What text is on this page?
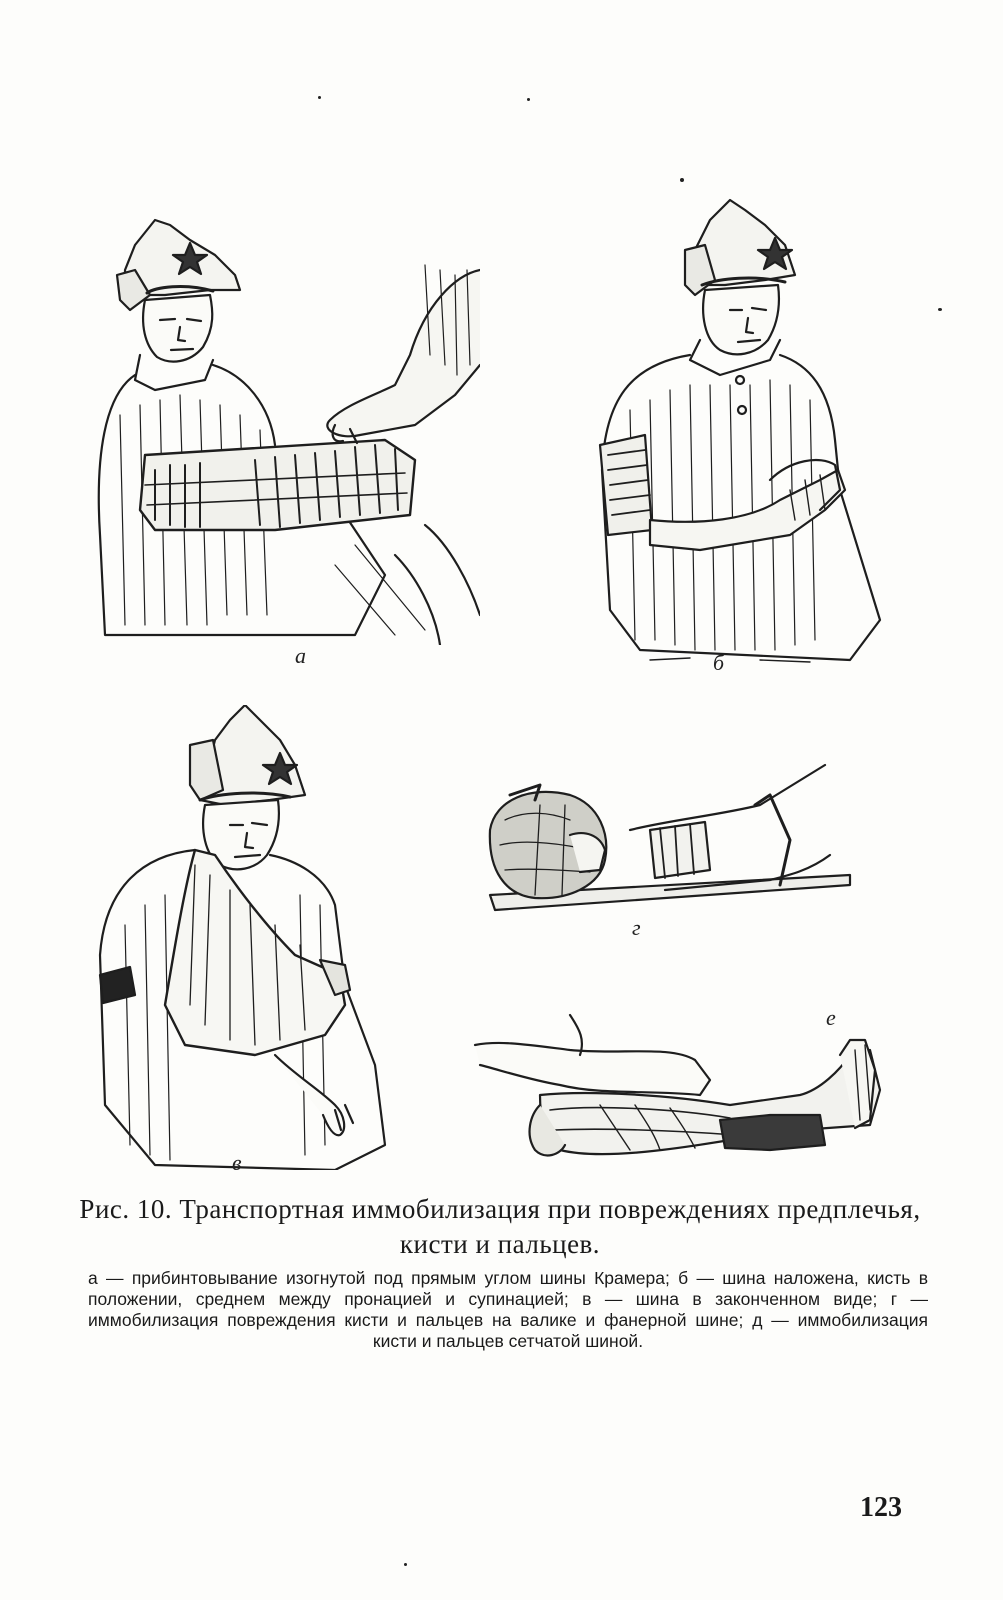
а	б
в
г
е
Рис. 10. Транспортная иммобилизация при повреждениях предплечья, кисти и пальцев.
а — прибинтовывание изогнутой под прямым углом шины Крамера; б — шина наложена, кисть в положении, среднем между пронацией и супинацией; в — шина в законченном виде; г — иммобилизация повреждения кисти и пальцев на валике и фанерной шине; д — иммобилизация кисти и пальцев сетчатой шиной.
123
